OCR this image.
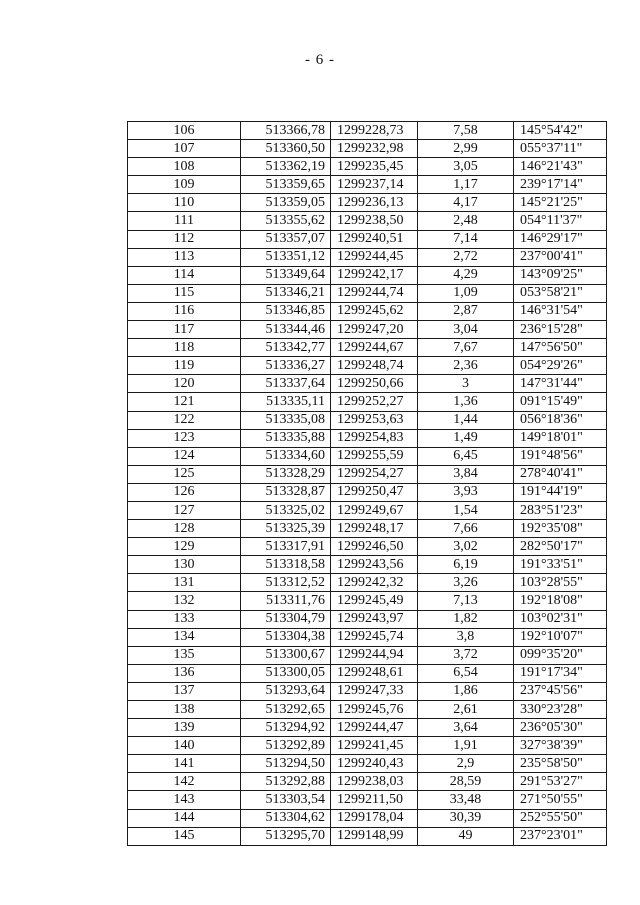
- 6 -
106	513366,78	1299228,73	7,58	145°54'42"
107	513360,50	1299232,98	2,99	055°37'11"
108	513362,19	1299235,45	3,05	146°21'43"
109	513359,65	1299237,14	1,17	239°17'14"
110	513359,05	1299236,13	4,17	145°21'25"
111	513355,62	1299238,50	2,48	054°11'37"
112	513357,07	1299240,51	7,14	146°29'17"
113	513351,12	1299244,45	2,72	237°00'41"
114	513349,64	1299242,17	4,29	143°09'25"
115	513346,21	1299244,74	1,09	053°58'21"
116	513346,85	1299245,62	2,87	146°31'54"
117	513344,46	1299247,20	3,04	236°15'28"
118	513342,77	1299244,67	7,67	147°56'50"
119	513336,27	1299248,74	2,36	054°29'26"
120	513337,64	1299250,66	3	147°31'44"
121	513335,11	1299252,27	1,36	091°15'49"
122	513335,08	1299253,63	1,44	056°18'36"
123	513335,88	1299254,83	1,49	149°18'01"
124	513334,60	1299255,59	6,45	191°48'56"
125	513328,29	1299254,27	3,84	278°40'41"
126	513328,87	1299250,47	3,93	191°44'19"
127	513325,02	1299249,67	1,54	283°51'23"
128	513325,39	1299248,17	7,66	192°35'08"
129	513317,91	1299246,50	3,02	282°50'17"
130	513318,58	1299243,56	6,19	191°33'51"
131	513312,52	1299242,32	3,26	103°28'55"
132	513311,76	1299245,49	7,13	192°18'08"
133	513304,79	1299243,97	1,82	103°02'31"
134	513304,38	1299245,74	3,8	192°10'07"
135	513300,67	1299244,94	3,72	099°35'20"
136	513300,05	1299248,61	6,54	191°17'34"
137	513293,64	1299247,33	1,86	237°45'56"
138	513292,65	1299245,76	2,61	330°23'28"
139	513294,92	1299244,47	3,64	236°05'30"
140	513292,89	1299241,45	1,91	327°38'39"
141	513294,50	1299240,43	2,9	235°58'50"
142	513292,88	1299238,03	28,59	291°53'27"
143	513303,54	1299211,50	33,48	271°50'55"
144	513304,62	1299178,04	30,39	252°55'50"
145	513295,70	1299148,99	49	237°23'01"
